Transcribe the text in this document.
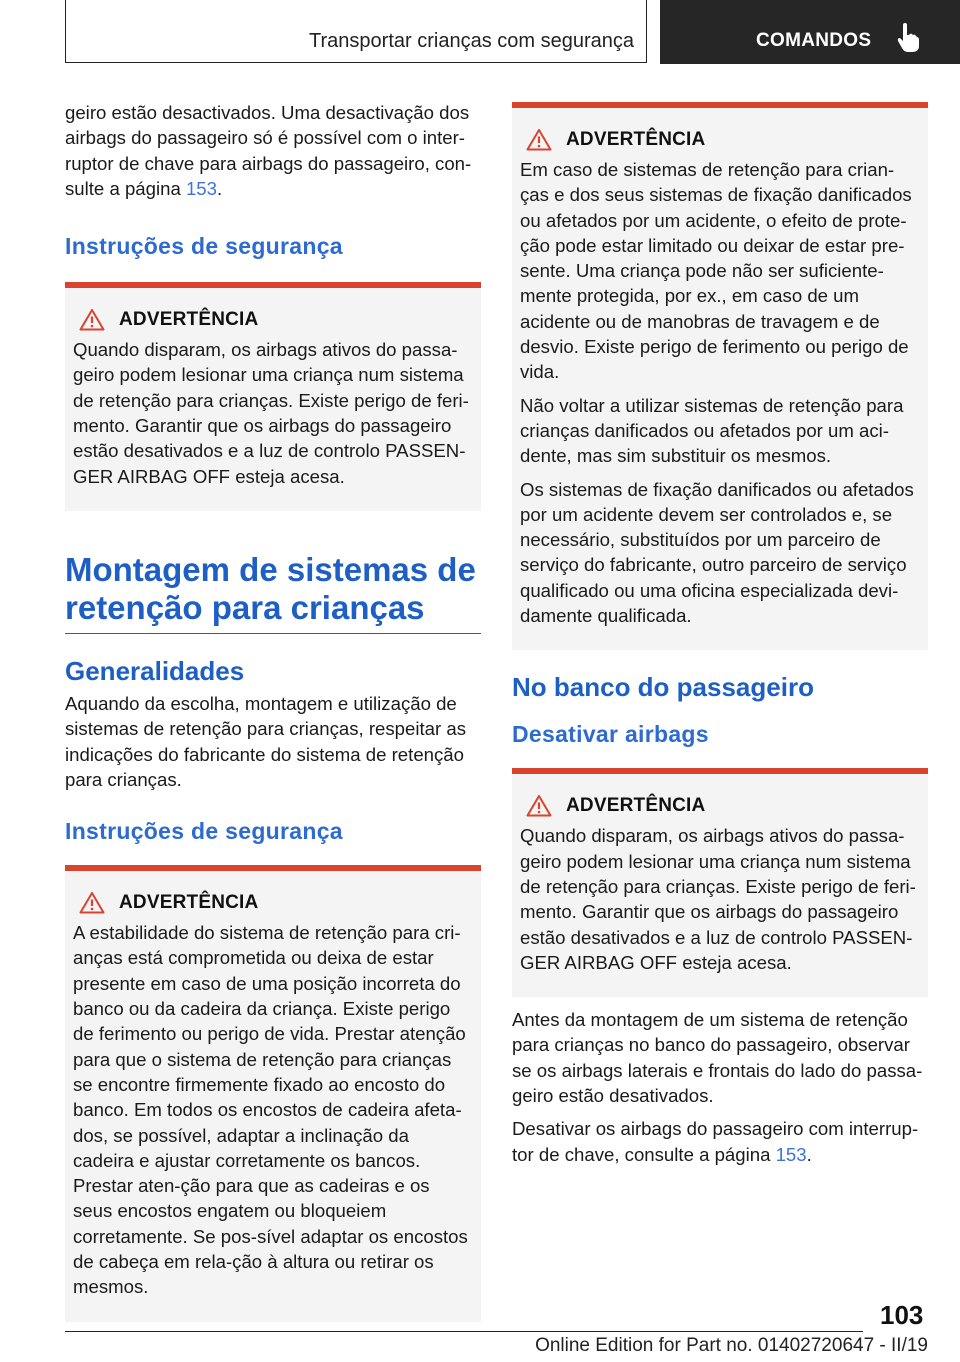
Transportar crianças com segurança	COMANDOS

geiro estão desactivados. Uma desactivação dos airbags do passageiro só é possível com o inter-ruptor de chave para airbags do passageiro, con-sulte a página 153.

Instruções de segurança
ADVERTÊNCIA

Quando disparam, os airbags ativos do passa-geiro podem lesionar uma criança num sistema de retenção para crianças. Existe perigo de feri-mento. Garantir que os airbags do passageiro estão desativados e a luz de controlo PASSEN-GER AIRBAG OFF esteja acesa.

Montagem de sistemas de retenção para crianças
Generalidades

Aquando da escolha, montagem e utilização de sistemas de retenção para crianças, respeitar as indicações do fabricante do sistema de retenção para crianças.

Instruções de segurança
ADVERTÊNCIA

A estabilidade do sistema de retenção para cri-anças está comprometida ou deixa de estar presente em caso de uma posição incorreta do banco ou da cadeira da criança. Existe perigo de ferimento ou perigo de vida. Prestar atenção para que o sistema de retenção para crianças se encontre firmemente fixado ao encosto do banco. Em todos os encostos de cadeira afeta-dos, se possível, adaptar a inclinação da cadeira e ajustar corretamente os bancos. Prestar aten-ção para que as cadeiras e os seus encostos engatem ou bloqueiem corretamente. Se pos-sível adaptar os encostos de cabeça em rela-ção à altura ou retirar os mesmos.

ADVERTÊNCIA

Em caso de sistemas de retenção para crian-ças e dos seus sistemas de fixação danificados ou afetados por um acidente, o efeito de prote-ção pode estar limitado ou deixar de estar pre-sente. Uma criança pode não ser suficiente-mente protegida, por ex., em caso de um acidente ou de manobras de travagem e de desvio. Existe perigo de ferimento ou perigo de vida.

Não voltar a utilizar sistemas de retenção para crianças danificados ou afetados por um aci-dente, mas sim substituir os mesmos.

Os sistemas de fixação danificados ou afetados por um acidente devem ser controlados e, se necessário, substituídos por um parceiro de serviço do fabricante, outro parceiro de serviço qualificado ou uma oficina especializada devi-damente qualificada.

No banco do passageiro
Desativar airbags
ADVERTÊNCIA

Quando disparam, os airbags ativos do passa-geiro podem lesionar uma criança num sistema de retenção para crianças. Existe perigo de feri-mento. Garantir que os airbags do passageiro estão desativados e a luz de controlo PASSEN-GER AIRBAG OFF esteja acesa.

Antes da montagem de um sistema de retenção para crianças no banco do passageiro, observar se os airbags laterais e frontais do lado do passa-geiro estão desativados.

Desativar os airbags do passageiro com interrup-tor de chave, consulte a página 153.

103
Online Edition for Part no. 01402720647 - II/19
